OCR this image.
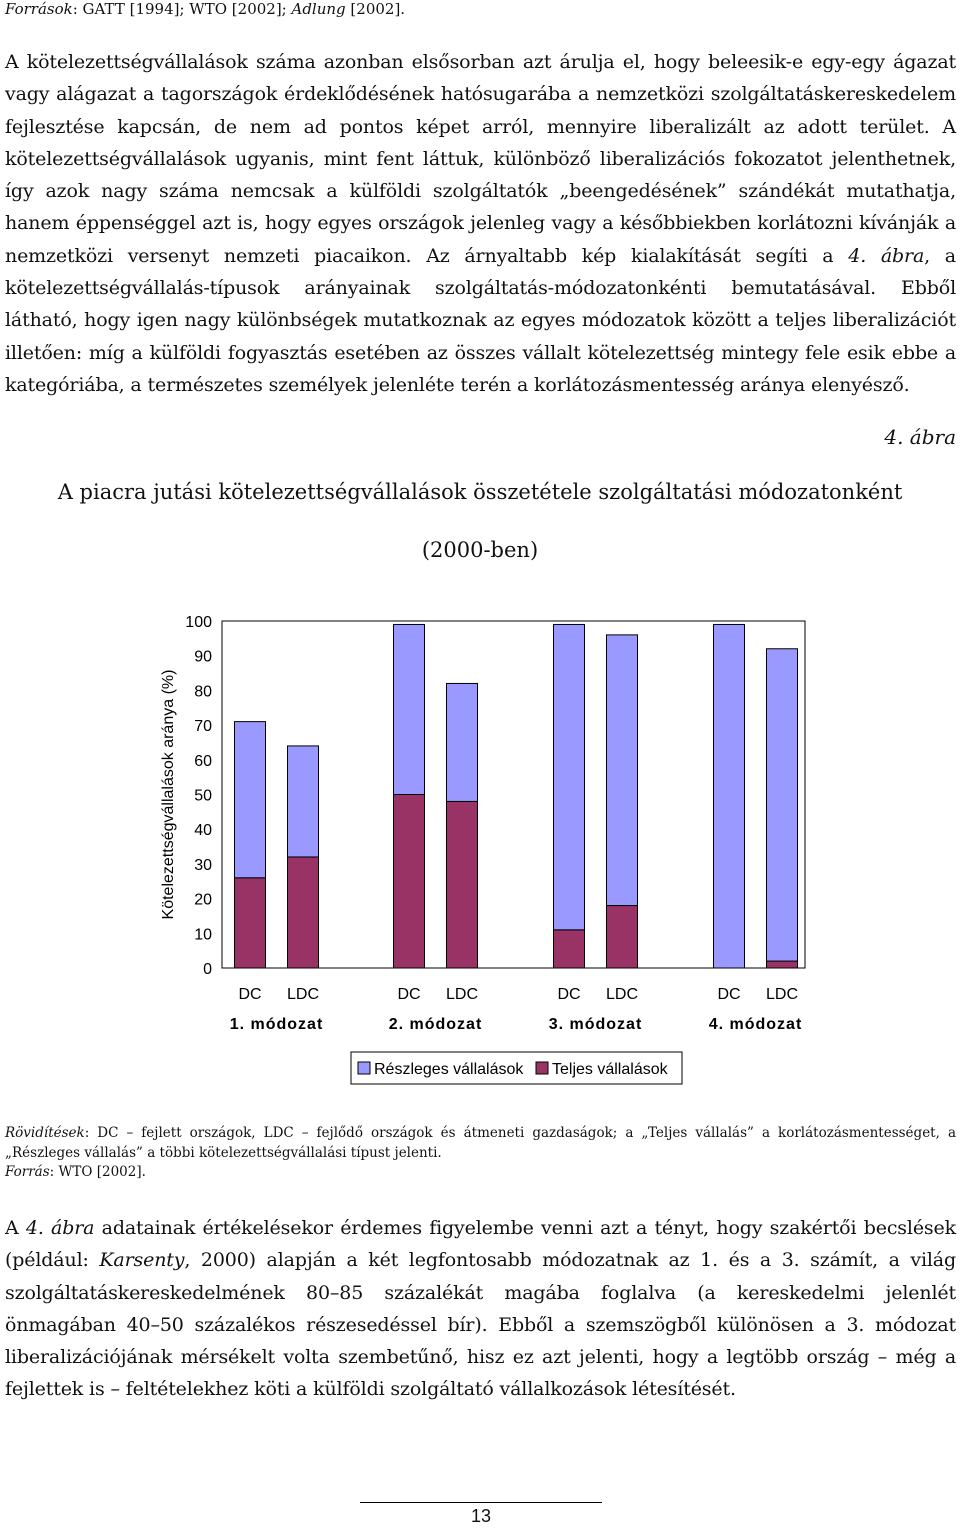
Források: GATT [1994]; WTO [2002]; Adlung [2002].

A kötelezettségvállalások száma azonban elsősorban azt árulja el, hogy beleesik-e egy-egy ágazat vagy alágazat a tagországok érdeklődésének hatósugarába a nemzetközi szolgáltatáskereskedelem fejlesztése kapcsán, de nem ad pontos képet arról, mennyire liberalizált az adott terület. A kötelezettségvállalások ugyanis, mint fent láttuk, különböző liberalizációs fokozatot jelenthetnek, így azok nagy száma nemcsak a külföldi szolgáltatók „beengedésének” szándékát mutathatja, hanem éppenséggel azt is, hogy egyes országok jelenleg vagy a későbbiekben korlátozni kívánják a nemzetközi versenyt nemzeti piacaikon. Az árnyaltabb kép kialakítását segíti a 4. ábra, a kötelezettségvállalás-típusok arányainak szolgáltatás-módozatonkénti bemutatásával. Ebből látható, hogy igen nagy különbségek mutatkoznak az egyes módozatok között a teljes liberalizációt illetően: míg a külföldi fogyasztás esetében az összes vállalt kötelezettség mintegy fele esik ebbe a kategóriába, a természetes személyek jelenléte terén a korlátozásmentesség aránya elenyésző.

4. ábra
A piacra jutási kötelezettségvállalások összetétele szolgáltatási módozatonként
(2000-ben)
0
10
20
30
40
50
60
70
80
90
100
Kötelezettségvállalások aránya (%)
DC LDC	DC LDC	DC LDC	DC LDC
1. módozat	2. módozat	3. módozat	4. módozat
Részleges vállalások Teljes vállalások
Rövidítések: DC – fejlett országok, LDC – fejlődő országok és átmeneti gazdaságok; a „Teljes vállalás” a korlátozásmentességet, a „Részleges vállalás” a többi kötelezettségvállalási típust jelenti.
Forrás: WTO [2002].

A 4. ábra adatainak értékelésekor érdemes figyelembe venni azt a tényt, hogy szakértői becslések (például: Karsenty, 2000) alapján a két legfontosabb módozatnak az 1. és a 3. számít, a világ szolgáltatáskereskedelmének 80–85 százalékát magába foglalva (a kereskedelmi jelenlét önmagában 40–50 százalékos részesedéssel bír). Ebből a szemszögből különösen a 3. módozat liberalizációjának mérsékelt volta szembetűnő, hisz ez azt jelenti, hogy a legtöbb ország – még a fejlettek is – feltételekhez köti a külföldi szolgáltató vállalkozások létesítését.

13
